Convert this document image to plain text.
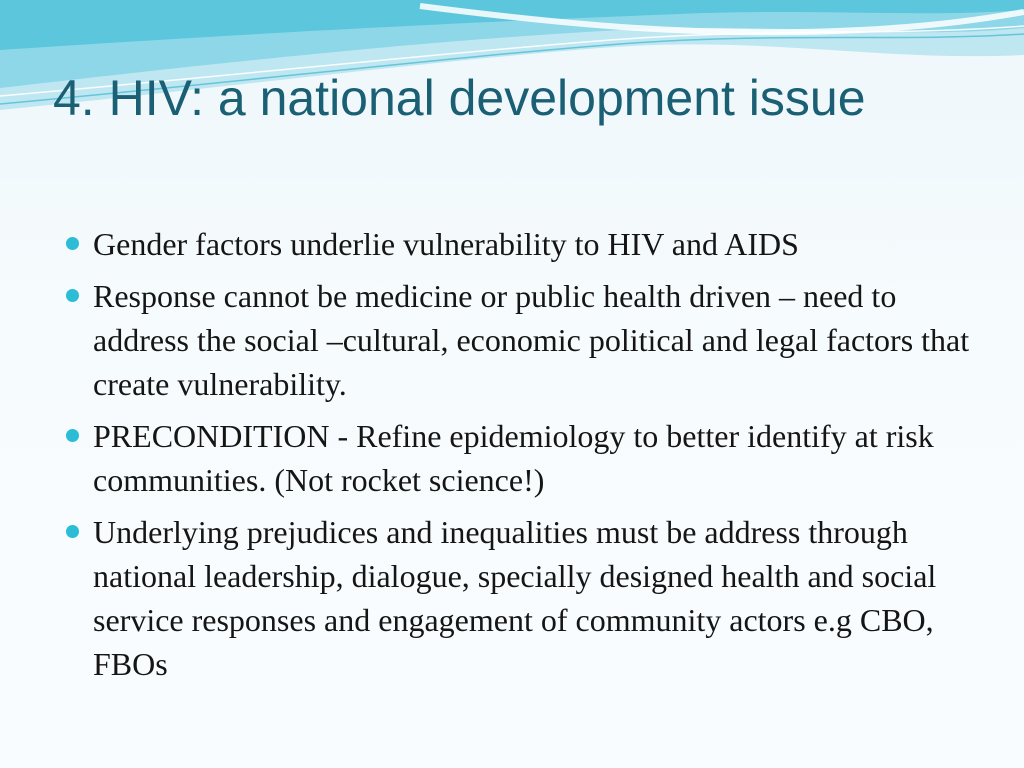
4. HIV: a national development issue
Gender factors underlie vulnerability to HIV and AIDS
Response cannot be medicine or public health driven – need to address the social –cultural, economic political and legal factors that create vulnerability.
PRECONDITION - Refine epidemiology to better identify at risk communities. (Not rocket science!)
Underlying prejudices and inequalities must be address through national leadership, dialogue, specially designed health and social service responses and engagement of community actors e.g CBO, FBOs
